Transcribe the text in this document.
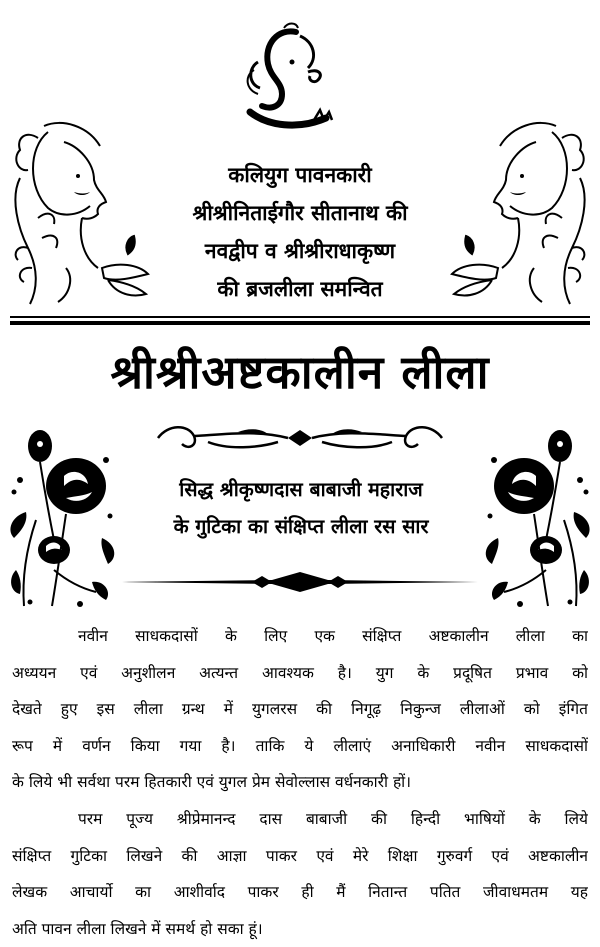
कलियुग पावनकारी
श्रीश्रीनिताईगौर सीतानाथ की
नवद्वीप व श्रीश्रीराधाकृष्ण
की ब्रजलीला समन्वित
श्रीश्रीअष्टकालीन लीला
सिद्ध श्रीकृष्णदास बाबाजी महाराज
के गुटिका का संक्षिप्त लीला रस सार
नवीन साधकदासों के लिए एक संक्षिप्त अष्टकालीन लीला का
अध्ययन एवं अनुशीलन अत्यन्त आवश्यक है। युग के प्रदूषित प्रभाव को
देखते हुए इस लीला ग्रन्थ में युगलरस की निगूढ़ निकुन्ज लीलाओं को इंगित
रूप में वर्णन किया गया है। ताकि ये लीलाएं अनाधिकारी नवीन साधकदासों
के लिये भी सर्वथा परम हितकारी एवं युगल प्रेम सेवोल्लास वर्धनकारी हों।
परम पूज्य श्रीप्रेमानन्द दास बाबाजी की हिन्दी भाषियों के लिये
संक्षिप्त गुटिका लिखने की आज्ञा पाकर एवं मेरे शिक्षा गुरुवर्ग एवं अष्टकालीन
लेखक आचार्यो का आशीर्वाद पाकर ही मैं नितान्त पतित जीवाधमतम यह
अति पावन लीला लिखने में समर्थ हो सका हूं।
